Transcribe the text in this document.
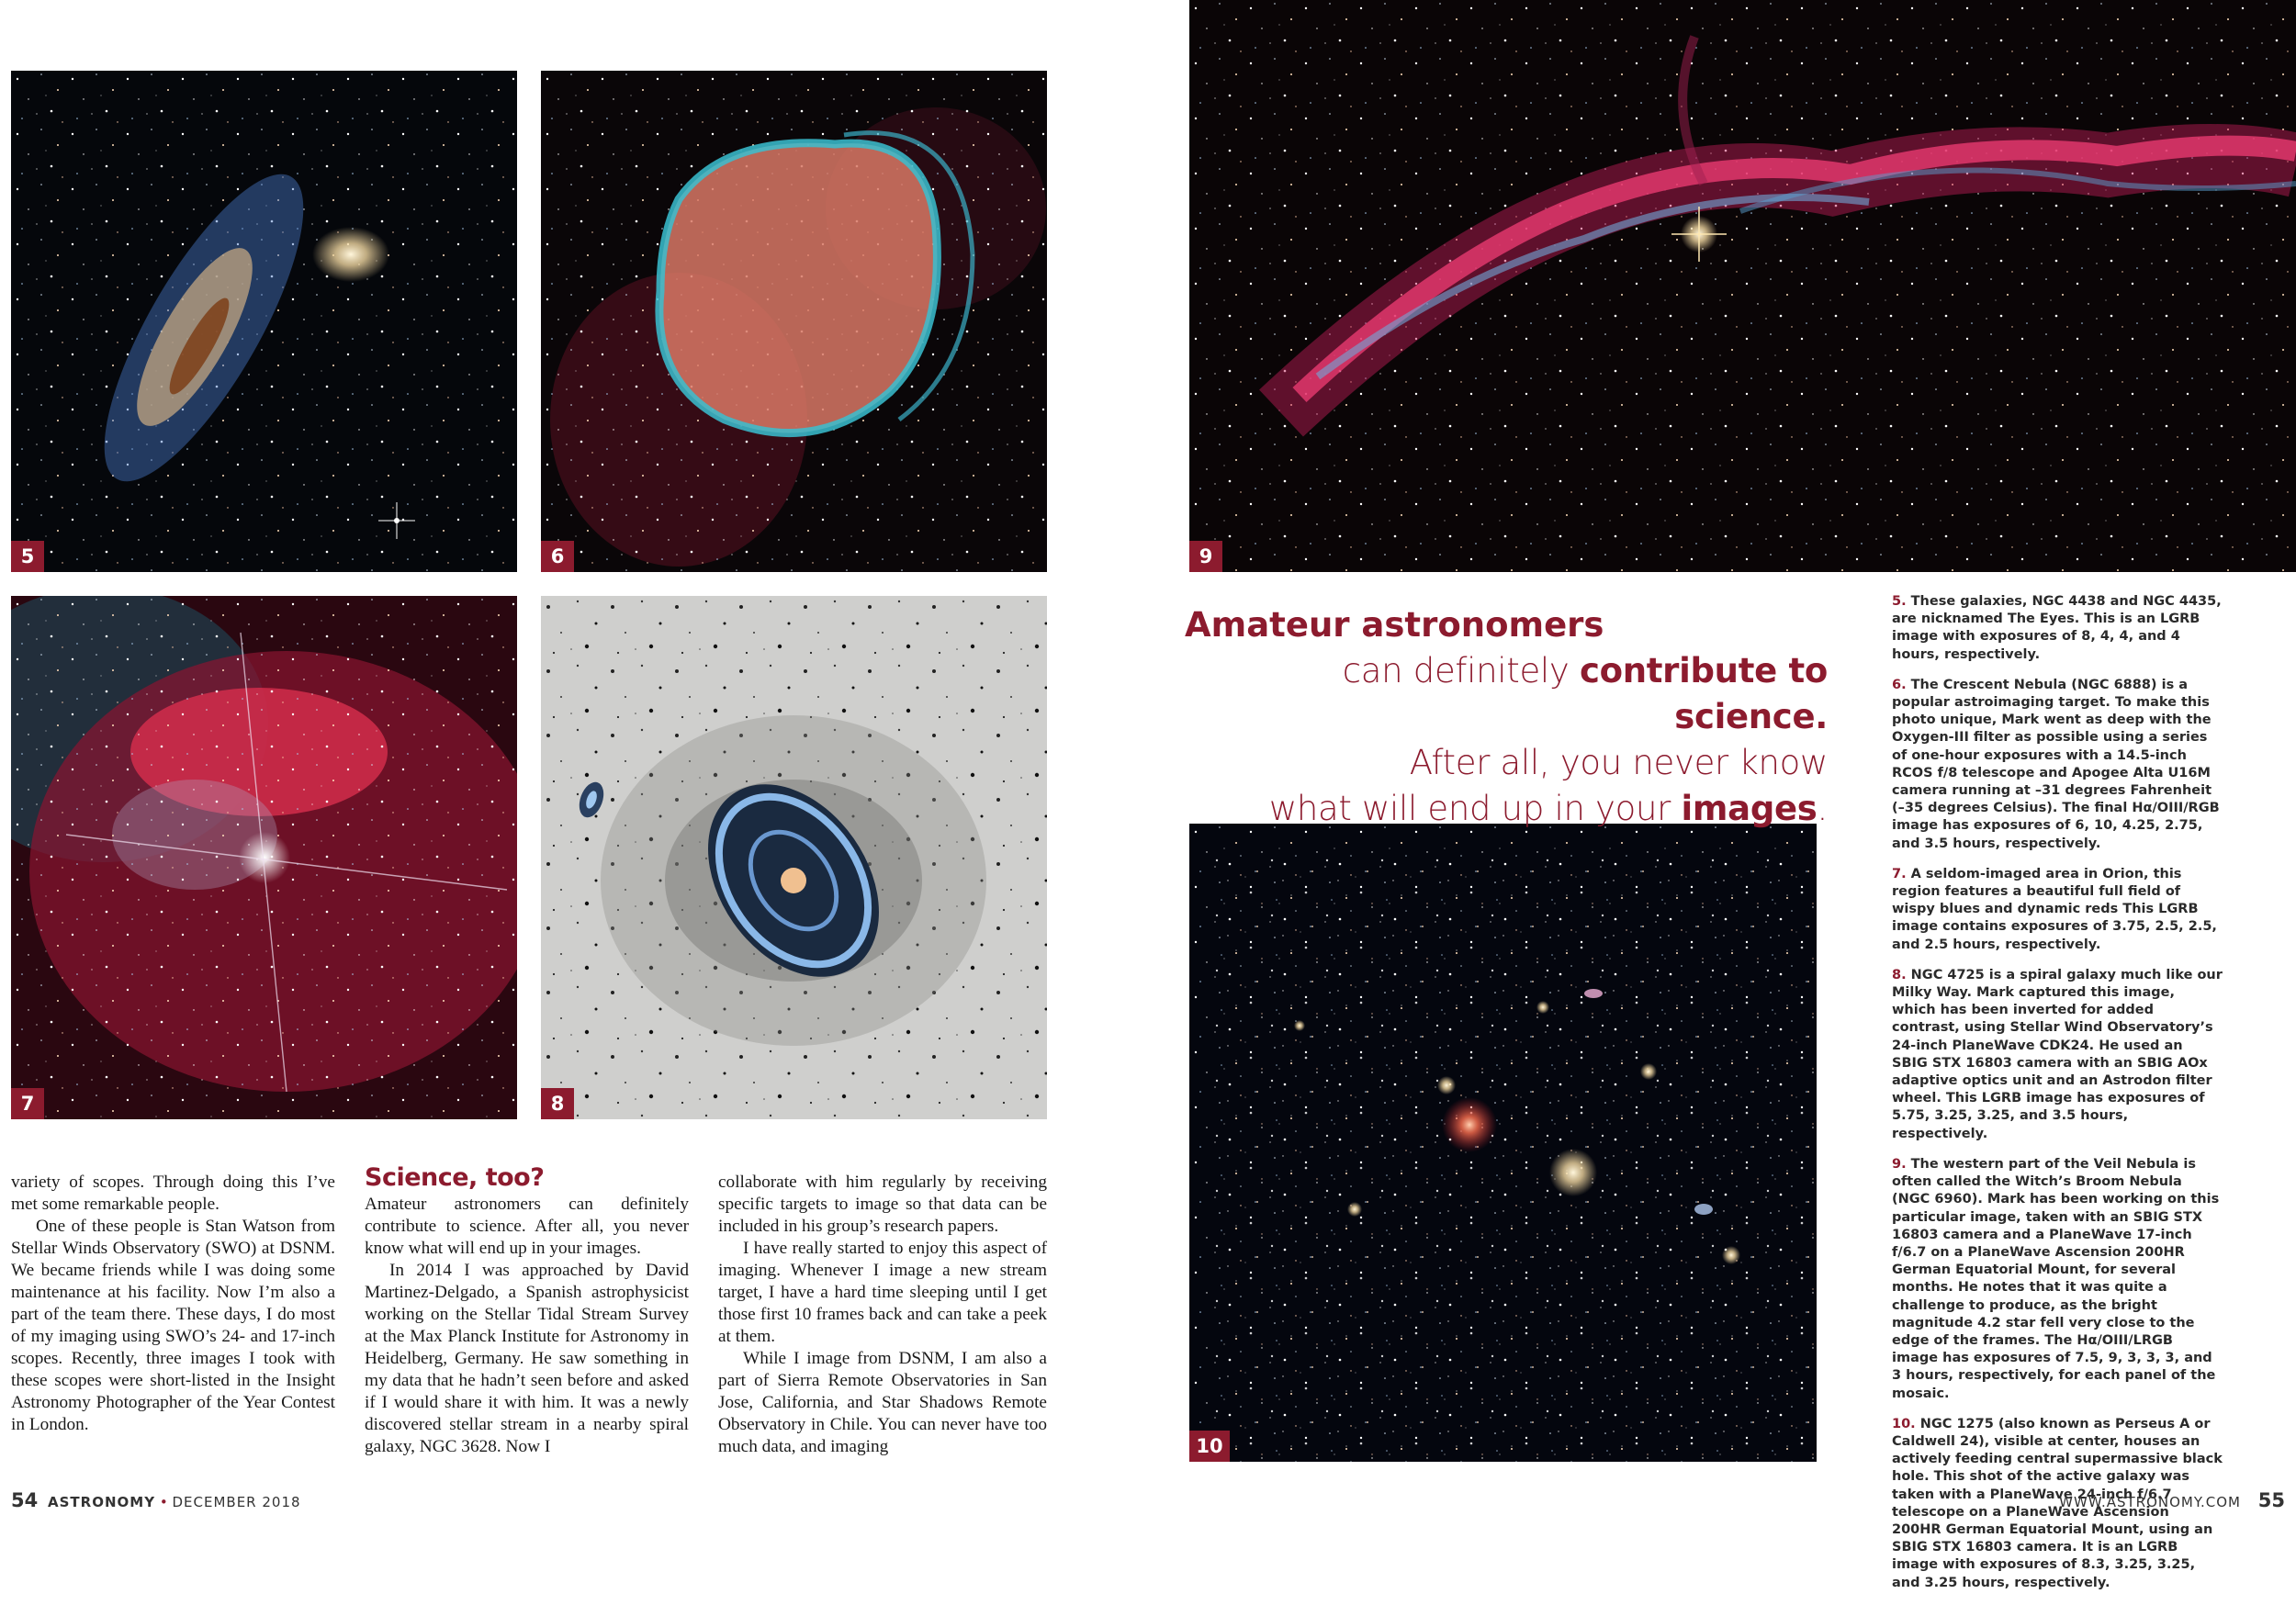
5	6
7	8
9
10

variety of scopes. Through doing this I’ve met some remarkable people.

One of these people is Stan Watson from Stellar Winds Observatory (SWO) at DSNM. We became friends while I was doing some maintenance at his facility. Now I’m also a part of the team there. These days, I do most of my imaging using SWO’s 24- and 17-inch scopes. Recently, three images I took with these scopes were short-listed in the Insight Astronomy Photographer of the Year Contest in London.

Science, too?

Amateur astronomers can definitely contribute to science. After all, you never know what will end up in your images.

In 2014 I was approached by David Martinez-Delgado, a Spanish astrophysicist working on the Stellar Tidal Stream Survey at the Max Planck Institute for Astronomy in Heidelberg, Germany. He saw something in my data that he hadn’t seen before and asked if I would share it with him. It was a newly discovered stellar stream in a nearby spiral galaxy, NGC 3628. Now I

collaborate with him regularly by receiving specific targets to image so that data can be included in his group’s research papers.

I have really started to enjoy this aspect of imaging. Whenever I image a new stream target, I have a hard time sleeping until I get those first 10 frames back and can take a peek at them.

While I image from DSNM, I am also a part of Sierra Remote Observatories in San Jose, California, and Star Shadows Remote Observatory in Chile. You can never have too much data, and imaging

Amateur astronomers
can definitely contribute to science.
After all, you never know
what will end up in your images.

5. These galaxies, NGC 4438 and NGC 4435, are nicknamed The Eyes. This is an LGRB image with exposures of 8, 4, 4, and 4 hours, respectively.

6. The Crescent Nebula (NGC 6888) is a popular astroimaging target. To make this photo unique, Mark went as deep with the Oxygen-III filter as possible using a series of one-hour exposures with a 14.5-inch RCOS f/8 telescope and Apogee Alta U16M camera running at –31 degrees Fahrenheit (–35 degrees Celsius). The final Hα/OIII/RGB image has exposures of 6, 10, 4.25, 2.75, and 3.5 hours, respectively.

7. A seldom-imaged area in Orion, this region features a beautiful full field of wispy blues and dynamic reds This LGRB image contains exposures of 3.75, 2.5, 2.5, and 2.5 hours, respectively.

8. NGC 4725 is a spiral galaxy much like our Milky Way. Mark captured this image, which has been inverted for added contrast, using Stellar Wind Observatory’s 24-inch PlaneWave CDK24. He used an SBIG STX 16803 camera with an SBIG AOx adaptive optics unit and an Astrodon filter wheel. This LGRB image has exposures of 5.75, 3.25, 3.25, and 3.5 hours, respectively.

9. The western part of the Veil Nebula is often called the Witch’s Broom Nebula (NGC 6960). Mark has been working on this particular image, taken with an SBIG STX 16803 camera and a PlaneWave 17-inch f/6.7 on a PlaneWave Ascension 200HR German Equatorial Mount, for several months. He notes that it was quite a challenge to produce, as the bright magnitude 4.2 star fell very close to the edge of the frames. The Hα/OIII/LRGB image has exposures of 7.5, 9, 3, 3, 3, and 3 hours, respectively, for each panel of the mosaic.

10. NGC 1275 (also known as Perseus A or Caldwell 24), visible at center, houses an actively feeding central supermassive black hole. This shot of the active galaxy was taken with a PlaneWave 24-inch f/6.7 telescope on a PlaneWave Ascension 200HR German Equatorial Mount, using an SBIG STX 16803 camera. It is an LGRB image with exposures of 8.3, 3.25, 3.25, and 3.25 hours, respectively.

54 ASTRONOMY • DECEMBER 2018	WWW.ASTRONOMY.COM 55
